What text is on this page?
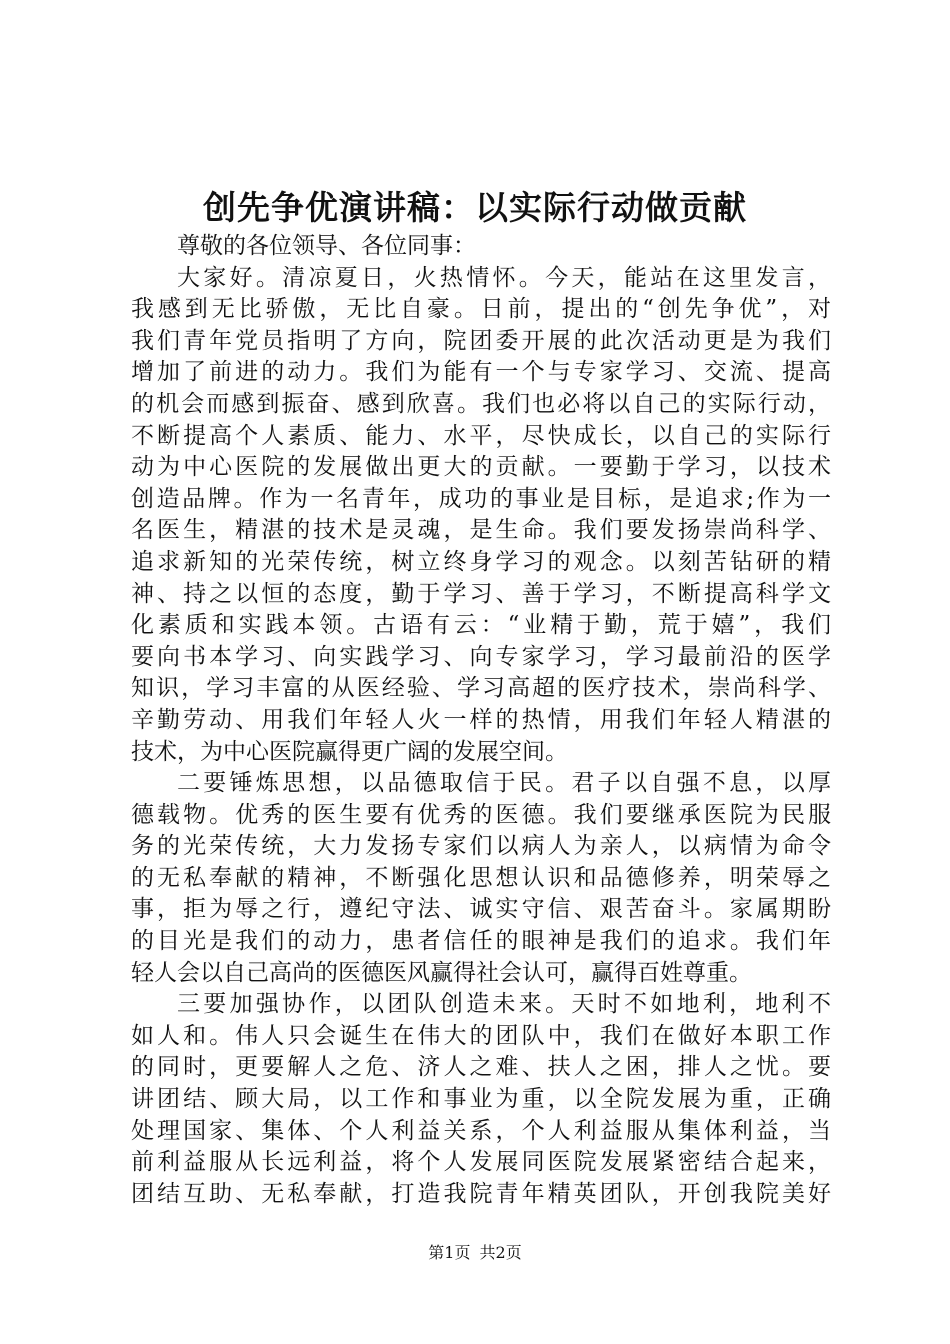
创先争优演讲稿：以实际行动做贡献
尊敬的各位领导、各位同事：
大家好。清凉夏日，火热情怀。今天，能站在这里发言，
我感到无比骄傲，无比自豪。日前，提出的“创先争优”，对
我们青年党员指明了方向，院团委开展的此次活动更是为我们
增加了前进的动力。我们为能有一个与专家学习、交流、提高
的机会而感到振奋、感到欣喜。我们也必将以自己的实际行动，
不断提高个人素质、能力、水平，尽快成长，以自己的实际行
动为中心医院的发展做出更大的贡献。一要勤于学习，以技术
创造品牌。作为一名青年，成功的事业是目标，是追求;作为一
名医生，精湛的技术是灵魂，是生命。我们要发扬崇尚科学、
追求新知的光荣传统，树立终身学习的观念。以刻苦钻研的精
神、持之以恒的态度，勤于学习、善于学习，不断提高科学文
化素质和实践本领。古语有云：“业精于勤，荒于嬉”，我们
要向书本学习、向实践学习、向专家学习，学习最前沿的医学
知识，学习丰富的从医经验、学习高超的医疗技术，崇尚科学、
辛勤劳动、用我们年轻人火一样的热情，用我们年轻人精湛的
技术，为中心医院赢得更广阔的发展空间。
二要锤炼思想，以品德取信于民。君子以自强不息，以厚
德载物。优秀的医生要有优秀的医德。我们要继承医院为民服
务的光荣传统，大力发扬专家们以病人为亲人，以病情为命令
的无私奉献的精神，不断强化思想认识和品德修养，明荣辱之
事，拒为辱之行，遵纪守法、诚实守信、艰苦奋斗。家属期盼
的目光是我们的动力，患者信任的眼神是我们的追求。我们年
轻人会以自己高尚的医德医风赢得社会认可，赢得百姓尊重。
三要加强协作，以团队创造未来。天时不如地利，地利不
如人和。伟人只会诞生在伟大的团队中，我们在做好本职工作
的同时，更要解人之危、济人之难、扶人之困，排人之忧。要
讲团结、顾大局，以工作和事业为重，以全院发展为重，正确
处理国家、集体、个人利益关系，个人利益服从集体利益，当
前利益服从长远利益，将个人发展同医院发展紧密结合起来，
团结互助、无私奉献，打造我院青年精英团队，开创我院美好
第1页 共2页
